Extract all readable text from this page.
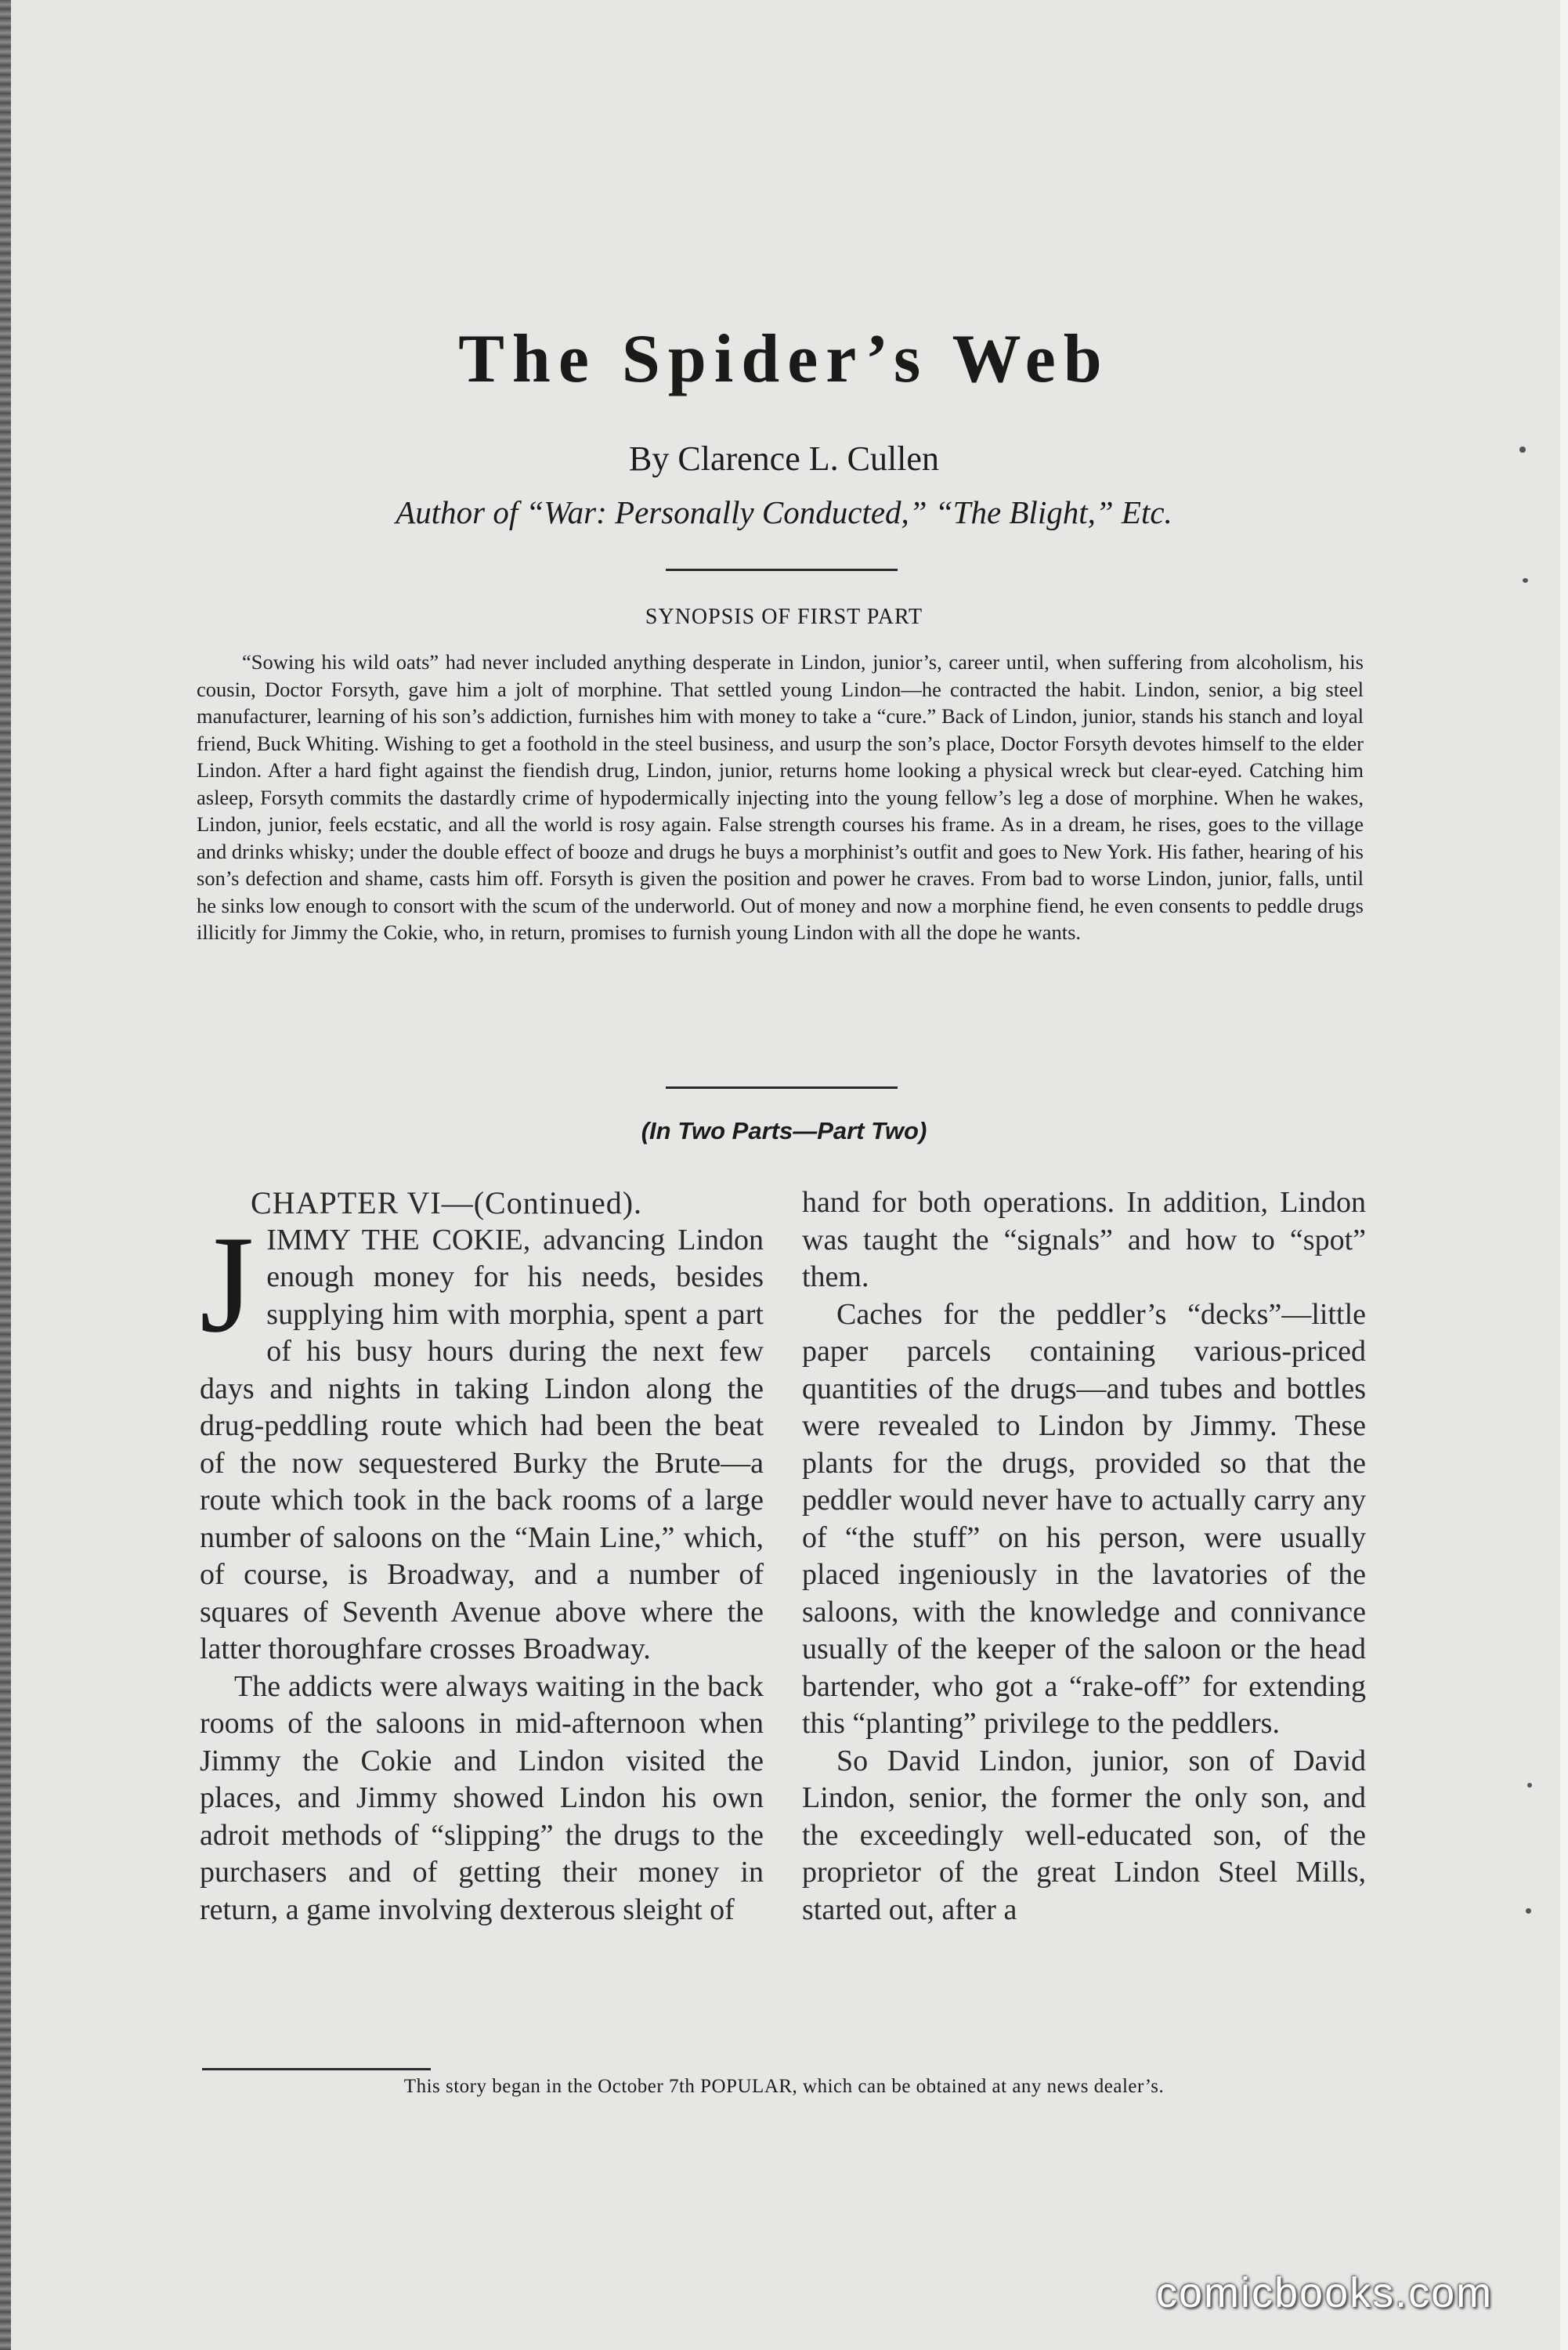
The Spider’s Web
By Clarence L. Cullen
Author of “War: Personally Conducted,” “The Blight,” Etc.
SYNOPSIS OF FIRST PART

“Sowing his wild oats” had never included anything desperate in Lindon, junior’s, career until, when suffering from alcoholism, his cousin, Doctor Forsyth, gave him a jolt of morphine. That settled young Lindon—he contracted the habit. Lindon, senior, a big steel manufacturer, learning of his son’s addiction, furnishes him with money to take a “cure.” Back of Lindon, junior, stands his stanch and loyal friend, Buck Whiting. Wishing to get a foothold in the steel business, and usurp the son’s place, Doctor Forsyth devotes himself to the elder Lindon. After a hard fight against the fiendish drug, Lindon, junior, returns home looking a physical wreck but clear-eyed. Catching him asleep, Forsyth commits the dastardly crime of hypodermically injecting into the young fellow’s leg a dose of morphine. When he wakes, Lindon, junior, feels ecstatic, and all the world is rosy again. False strength courses his frame. As in a dream, he rises, goes to the village and drinks whisky; under the double effect of booze and drugs he buys a morphinist’s outfit and goes to New York. His father, hearing of his son’s defection and shame, casts him off. Forsyth is given the position and power he craves. From bad to worse Lindon, junior, falls, until he sinks low enough to consort with the scum of the underworld. Out of money and now a morphine fiend, he even consents to peddle drugs illicitly for Jimmy the Cokie, who, in return, promises to furnish young Lindon with all the dope he wants.

(In Two Parts—Part Two)
CHAPTER VI—(Continued).

JIMMY THE COKIE, advancing Lindon enough money for his needs, besides supplying him with morphia, spent a part of his busy hours during the next few days and nights in taking Lindon along the drug-peddling route which had been the beat of the now sequestered Burky the Brute—a route which took in the back rooms of a large number of saloons on the “Main Line,” which, of course, is Broadway, and a number of squares of Seventh Avenue above where the latter thoroughfare crosses Broadway.

The addicts were always waiting in the back rooms of the saloons in mid-afternoon when Jimmy the Cokie and Lindon visited the places, and Jimmy showed Lindon his own adroit methods of “slipping” the drugs to the purchasers and of getting their money in return, a game involving dexterous sleight of

hand for both operations. In addition, Lindon was taught the “signals” and how to “spot” them.

Caches for the peddler’s “decks”—little paper parcels containing various-priced quantities of the drugs—and tubes and bottles were revealed to Lindon by Jimmy. These plants for the drugs, provided so that the peddler would never have to actually carry any of “the stuff” on his person, were usually placed ingeniously in the lavatories of the saloons, with the knowledge and connivance usually of the keeper of the saloon or the head bartender, who got a “rake-off” for extending this “planting” privilege to the peddlers.

So David Lindon, junior, son of David Lindon, senior, the former the only son, and the exceedingly well-educated son, of the proprietor of the great Lindon Steel Mills, started out, after a

This story began in the October 7th POPULAR, which can be obtained at any news dealer’s.
comicbooks.com
